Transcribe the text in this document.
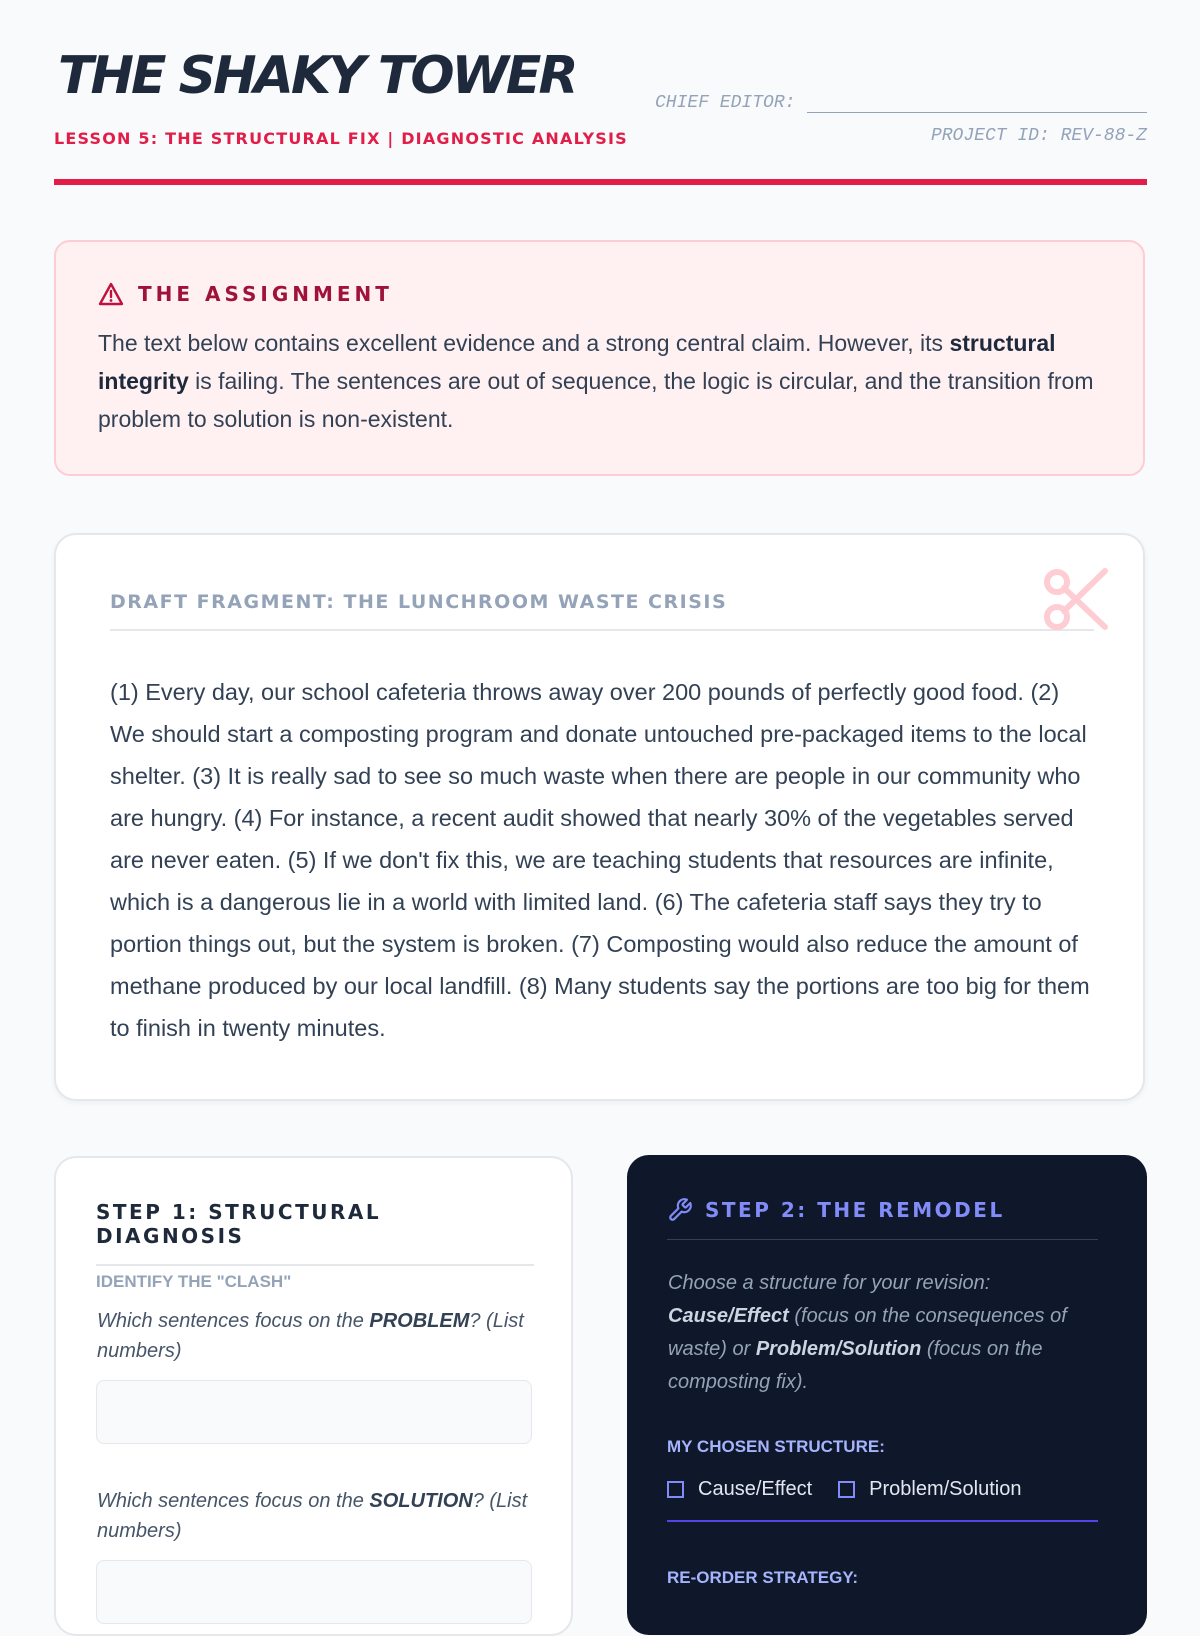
THE SHAKY TOWER	CHIEF EDITOR:
LESSON 5: THE STRUCTURAL FIX | DIAGNOSTIC ANALYSIS	PROJECT ID: REV-88-Z
THE ASSIGNMENT

The text below contains excellent evidence and a strong central claim. However, its structural integrity is failing. The sentences are out of sequence, the logic is circular, and the transition from problem to solution is non-existent.

DRAFT FRAGMENT: THE LUNCHROOM WASTE CRISIS

(1) Every day, our school cafeteria throws away over 200 pounds of perfectly good food. (2) We should start a composting program and donate untouched pre-packaged items to the local shelter. (3) It is really sad to see so much waste when there are people in our community who are hungry. (4) For instance, a recent audit showed that nearly 30% of the vegetables served are never eaten. (5) If we don't fix this, we are teaching students that resources are infinite, which is a dangerous lie in a world with limited land. (6) The cafeteria staff says they try to portion things out, but the system is broken. (7) Composting would also reduce the amount of methane produced by our local landfill. (8) Many students say the portions are too big for them to finish in twenty minutes.

STEP 1: STRUCTURAL DIAGNOSIS
IDENTIFY THE "CLASH"

Which sentences focus on the PROBLEM? (List numbers)

Which sentences focus on the SOLUTION? (List numbers)

STEP 2: THE REMODEL

Choose a structure for your revision: Cause/Effect (focus on the consequences of waste) or Problem/Solution (focus on the composting fix).

MY CHOSEN STRUCTURE:
Cause/Effect	Problem/Solution
RE-ORDER STRATEGY:
